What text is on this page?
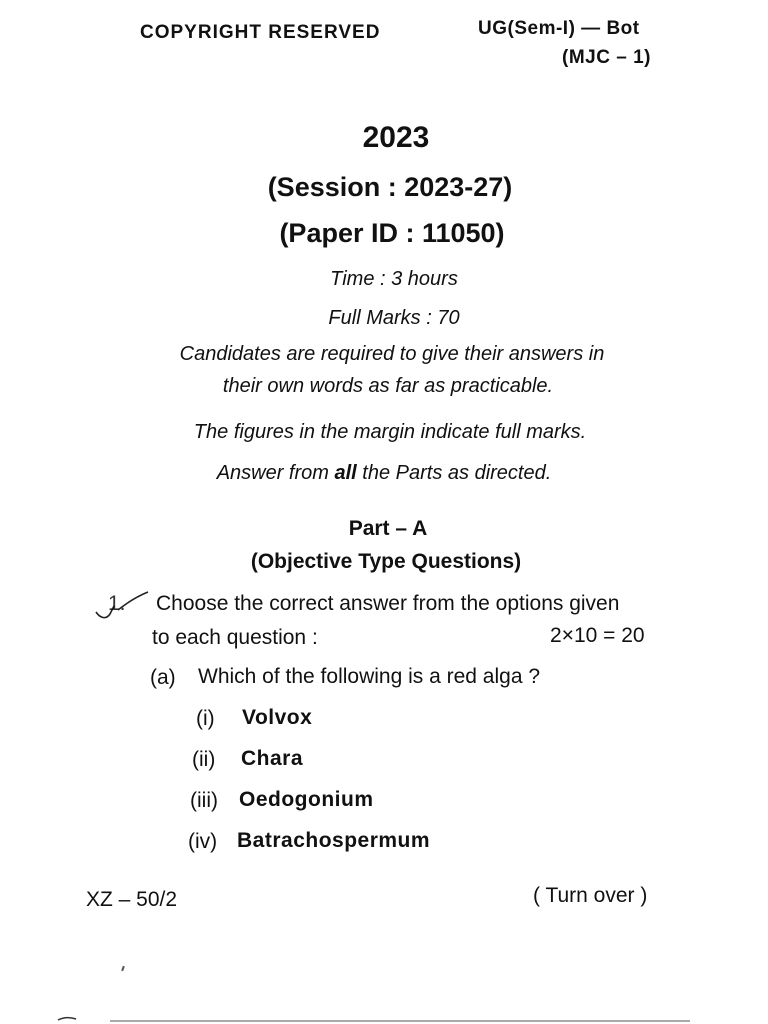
COPYRIGHT RESERVED	UG(Sem-I) — Bot
(MJC – 1)
2023
(Session : 2023-27)
(Paper ID : 11050)
Time : 3 hours
Full Marks : 70
Candidates are required to give their answers in
their own words as far as practicable.
The figures in the margin indicate full marks.
Answer from all the Parts as directed.
Part – A
(Objective Type Questions)
1. Choose the correct answer from the options given
to each question :	2×10 = 20
(a) Which of the following is a red alga ?
(i) Volvox
(ii) Chara
(iii) Oedogonium
(iv) Batrachospermum
XZ – 50/2	( Turn over )
